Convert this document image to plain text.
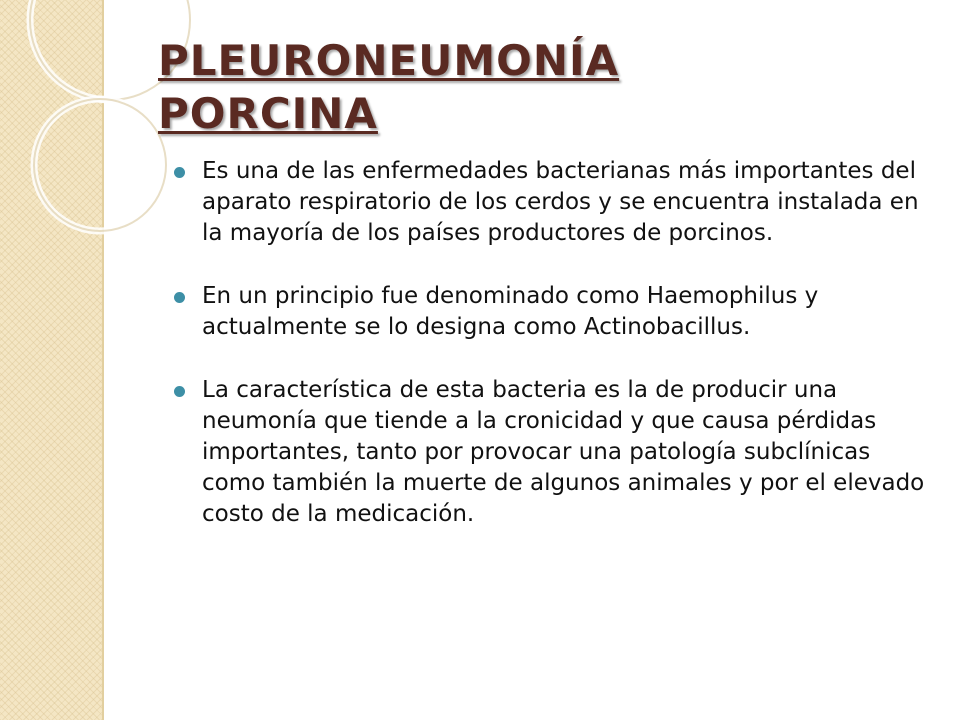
PLEURONEUMONÍA
PORCINA
Es una de las enfermedades bacterianas más importantes del aparato respiratorio de los cerdos y se encuentra instalada en la mayoría de los países productores de porcinos.
En un principio fue denominado como Haemophilus y actualmente se lo designa como Actinobacillus.
La característica de esta bacteria es la de producir una neumonía que tiende a la cronicidad y que causa pérdidas importantes, tanto por provocar una patología subclínicas como también la muerte de algunos animales y por el elevado costo de la medicación.
